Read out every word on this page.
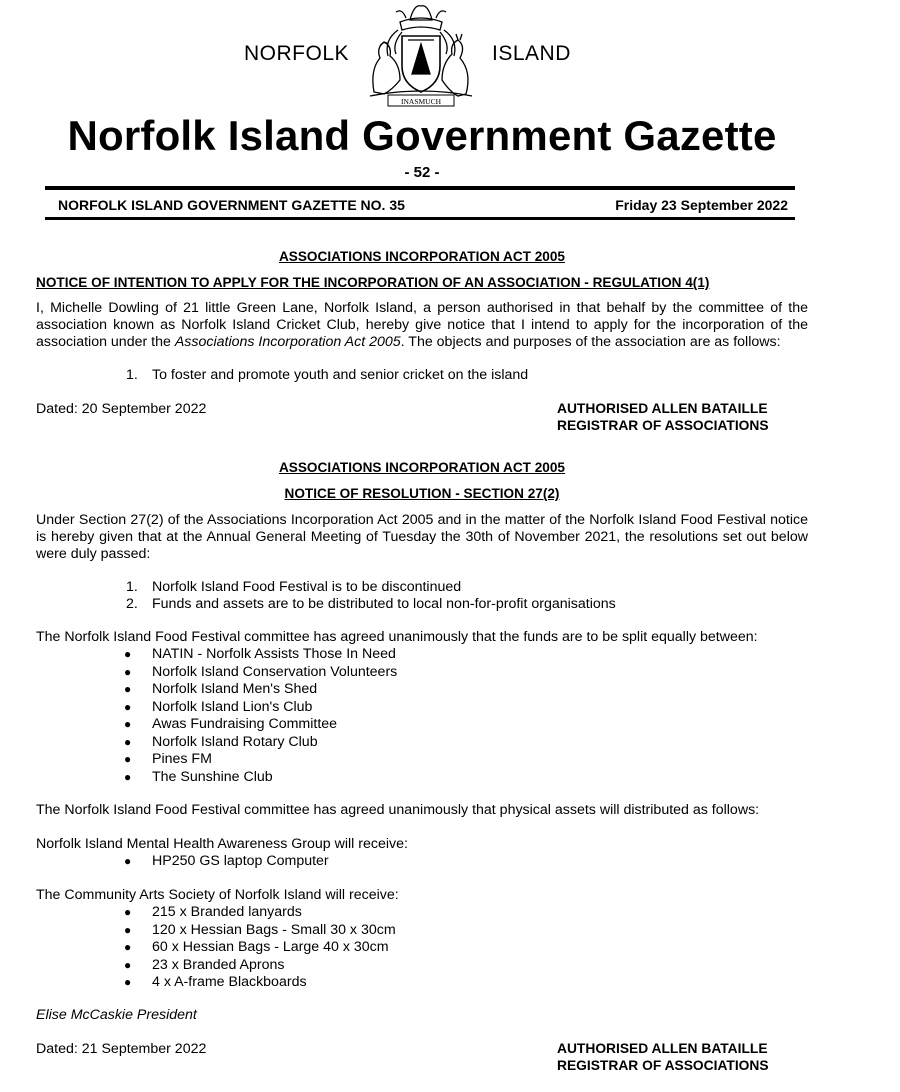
NORFOLK	ISLAND
INASMUCH
Norfolk Island Government Gazette
- 52 -
NORFOLK ISLAND GOVERNMENT GAZETTE NO. 35	Friday 23 September 2022
ASSOCIATIONS INCORPORATION ACT 2005
NOTICE OF INTENTION TO APPLY FOR THE INCORPORATION OF AN ASSOCIATION - REGULATION 4(1)
I, Michelle Dowling of 21 little Green Lane, Norfolk Island, a person authorised in that behalf by the committee of the association known as Norfolk Island Cricket Club, hereby give notice that I intend to apply for the incorporation of the association under the Associations Incorporation Act 2005. The objects and purposes of the association are as follows:
1. To foster and promote youth and senior cricket on the island
Dated: 20 September 2022	AUTHORISED ALLEN BATAILLE
REGISTRAR OF ASSOCIATIONS
ASSOCIATIONS INCORPORATION ACT 2005
NOTICE OF RESOLUTION - SECTION 27(2)
Under Section 27(2) of the Associations Incorporation Act 2005 and in the matter of the Norfolk Island Food Festival notice is hereby given that at the Annual General Meeting of Tuesday the 30th of November 2021, the resolutions set out below were duly passed:
1. Norfolk Island Food Festival is to be discontinued
2. Funds and assets are to be distributed to local non-for-profit organisations
The Norfolk Island Food Festival committee has agreed unanimously that the funds are to be split equally between:
● NATIN - Norfolk Assists Those In Need
● Norfolk Island Conservation Volunteers
● Norfolk Island Men's Shed
● Norfolk Island Lion's Club
● Awas Fundraising Committee
● Norfolk Island Rotary Club
● Pines FM
● The Sunshine Club
The Norfolk Island Food Festival committee has agreed unanimously that physical assets will distributed as follows:
Norfolk Island Mental Health Awareness Group will receive:
● HP250 GS laptop Computer
The Community Arts Society of Norfolk Island will receive:
● 215 x Branded lanyards
● 120 x Hessian Bags - Small 30 x 30cm
● 60 x Hessian Bags - Large 40 x 30cm
● 23 x Branded Aprons
● 4 x A-frame Blackboards
Elise McCaskie President
Dated: 21 September 2022	AUTHORISED ALLEN BATAILLE
REGISTRAR OF ASSOCIATIONS
